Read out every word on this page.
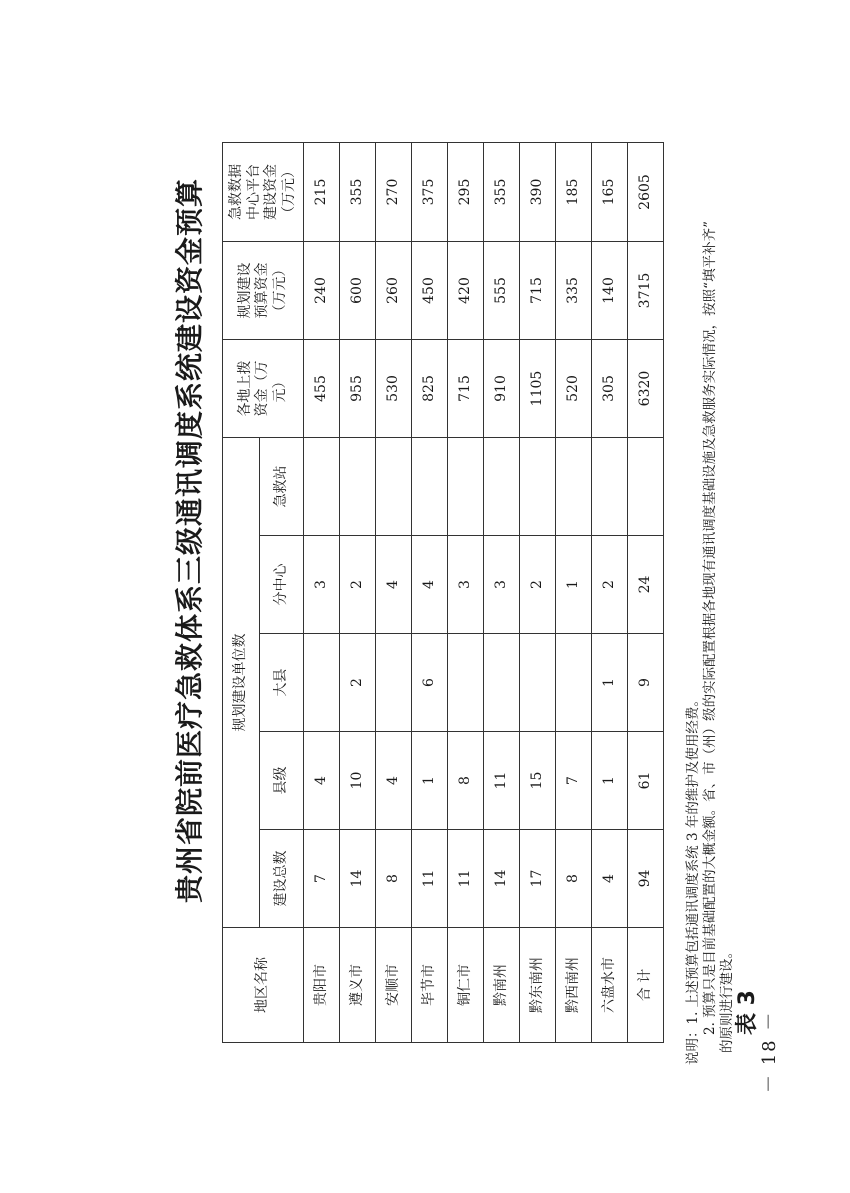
－ 18 －
表 3
贵州省院前医疗急救体系三级通讯调度系统建设资金预算
地区名称	规划建设单位数					各地上拨资金（万元）	规划建设预算资金（万元）	急救数据中心平台建设资金（万元）
	建设总数	县级	大县	分中心	急救站			
贵阳市	7	4		3		455	240	215
遵义市	14	10	2	2		955	600	355
安顺市	8	4		4		530	260	270
毕节市	11	1	6	4		825	450	375
铜仁市	11	8		3		715	420	295
黔南州	14	11		3		910	555	355
黔东南州	17	15		2		1105	715	390
黔西南州	8	7		1		520	335	185
六盘水市	4	1	1	2		305	140	165
合 计	94	61	9	24		6320	3715	2605
说明：1. 上述预算包括通讯调度系统 3 年的维护及使用经费。 2. 预算只是目前基础配置的大概金额。省、市（州）级的实际配置根据各地现有通讯调度基础设施及急救服务实际情况，按照“填平补齐” 的原则进行建设。
